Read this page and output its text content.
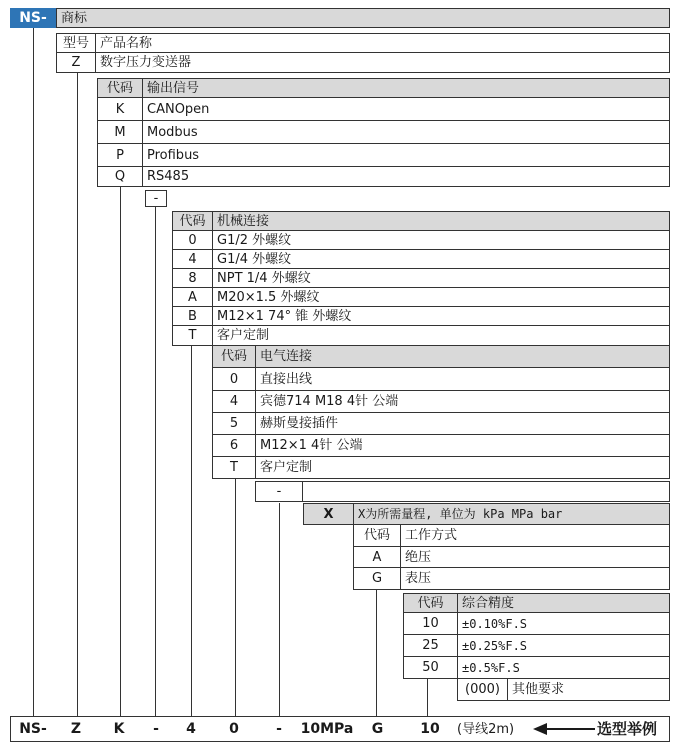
NS-	商标
型号 产品名称
Z	数字压力变送器
代码	输出信号
K	CANOpen
M	Modbus
P	Profibus
Q	RS485
-
代码 机械连接
0	G1/2 外螺纹
4	G1/4 外螺纹
8	NPT 1/4 外螺纹
A	M20×1.5 外螺纹
B	M12×1 74° 锥 外螺纹
T	客户定制
代码	电气连接
0	直接出线
4	宾德714 M18 4针 公端
5	赫斯曼接插件
6	M12×1 4针 公端
T	客户定制
-
X	X为所需量程, 单位为 kPa MPa bar
代码	工作方式
A	绝压
G	表压
代码	综合精度
10	±0.10%F.S
25	±0.25%F.S
50	±0.5%F.S
(000) 其他要求
NS-	Z	K	-	4	0	-	10MPa	G	10	(导线2m)	选型举例
